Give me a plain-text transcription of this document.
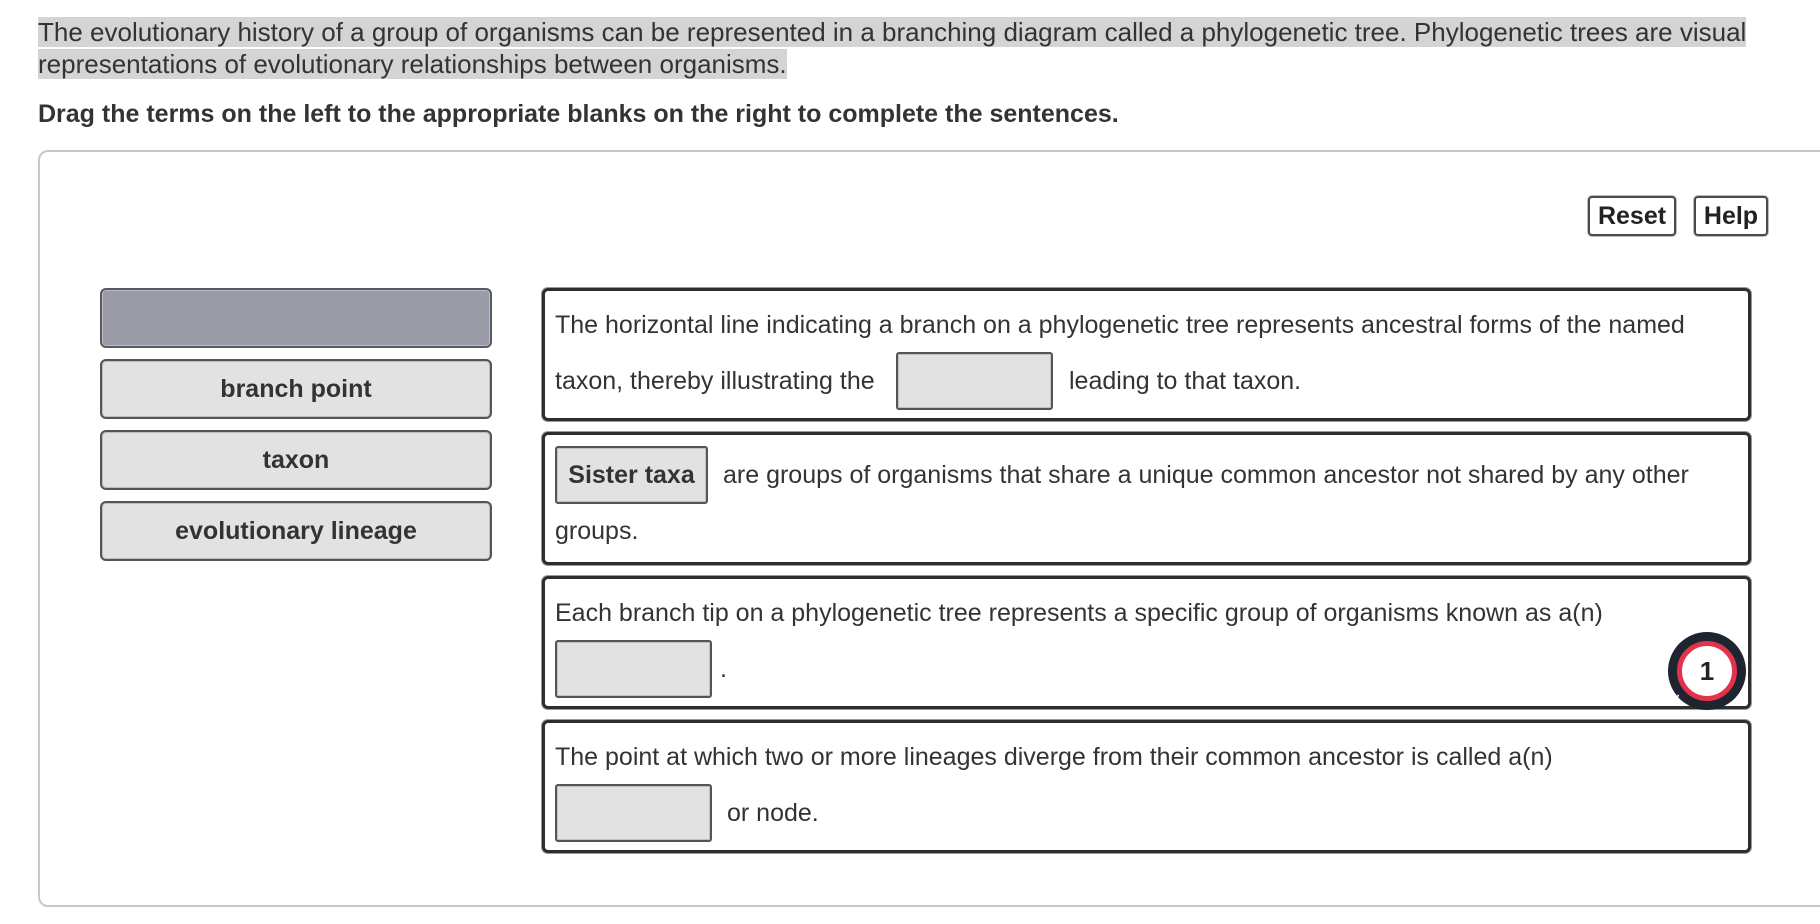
The evolutionary history of a group of organisms can be represented in a branching diagram called a phylogenetic tree. Phylogenetic trees are visual representations of evolutionary relationships between organisms.
Drag the terms on the left to the appropriate blanks on the right to complete the sentences.
Reset	Help
branch point
taxon
evolutionary lineage
The horizontal line indicating a branch on a phylogenetic tree represents ancestral forms of the named
taxon, thereby illustrating the	leading to that taxon.
Sister taxa	are groups of organisms that share a unique common ancestor not shared by any other
groups.
Each branch tip on a phylogenetic tree represents a specific group of organisms known as a(n)
.
The point at which two or more lineages diverge from their common ancestor is called a(n)
or node.
1
⠿
